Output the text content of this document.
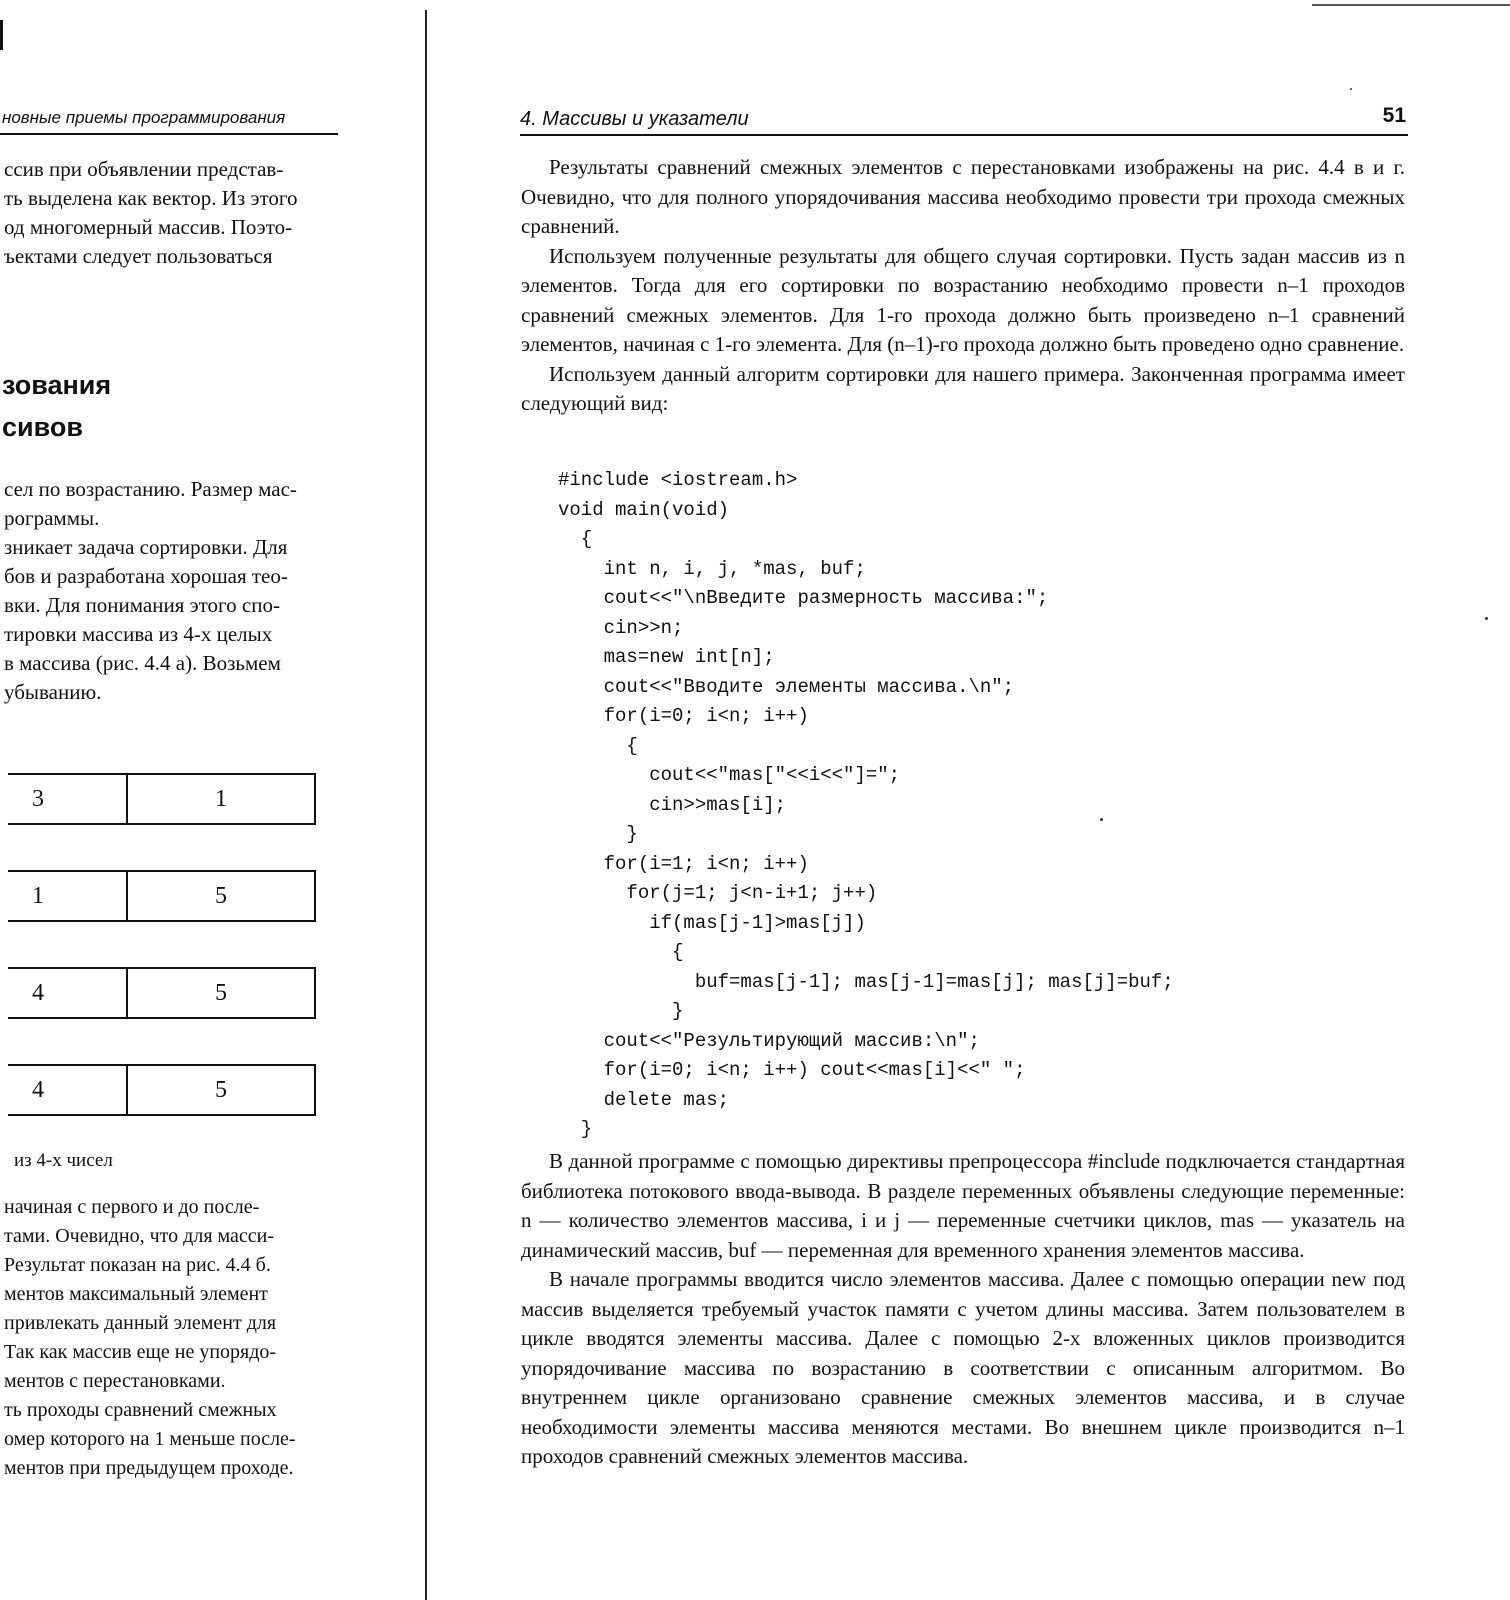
новные приемы программирования
ссив при объявлении представ-
ть выделена как вектор. Из этого
од многомерный массив. Поэто-
ъектами следует пользоваться
зования
сивов
сел по возрастанию. Размер мас-
рограммы.
зникает задача сортировки. Для
бов и разработана хорошая тео-
вки. Для понимания этого спо-
тировки массива из 4-х целых
в массива (рис. 4.4 а). Возьмем
убыванию.
3	1
1	5
4	5
4	5
из 4-х чисел
начиная с первого и до после-
тами. Очевидно, что для масси-
Результат показан на рис. 4.4 б.
ментов максимальный элемент
привлекать данный элемент для
Так как массив еще не упорядо-
ментов с перестановками.
ть проходы сравнений смежных
омер которого на 1 меньше после-
ментов при предыдущем проходе.
4. Массивы и указатели	51

Результаты сравнений смежных элементов с перестановками изображены на рис. 4.4 в и г. Очевидно, что для полного упорядочивания массива необходимо провести три прохода смежных сравнений.

Используем полученные результаты для общего случая сортировки. Пусть задан массив из n элементов. Тогда для его сортировки по возрастанию необходимо провести n–1 проходов сравнений смежных элементов. Для 1-го прохода должно быть произведено n–1 сравнений элементов, начиная с 1-го элемента. Для (n–1)-го прохода должно быть проведено одно сравнение.

Используем данный алгоритм сортировки для нашего примера. Законченная программа имеет следующий вид:

#include <iostream.h>
void main(void)
{
int n, i, j, *mas, buf;
cout<<"\nВведите размерность массива:";
cin>>n;
mas=new int[n];
cout<<"Вводите элементы массива.\n";
for(i=0; i<n; i++)
{
cout<<"mas["<<i<<"]=";
cin>>mas[i];
}
for(i=1; i<n; i++)
for(j=1; j<n-i+1; j++)
if(mas[j-1]>mas[j])
{
buf=mas[j-1]; mas[j-1]=mas[j]; mas[j]=buf;
}
cout<<"Результирующий массив:\n";
for(i=0; i<n; i++) cout<<mas[i]<<" ";
delete mas;
}

В данной программе с помощью директивы препроцессора #include подключается стандартная библиотека потокового ввода-вывода. В разделе переменных объявлены следующие переменные: n — количество элементов массива, i и j — переменные счетчики циклов, mas — указатель на динамический массив, buf — переменная для временного хранения элементов массива.

В начале программы вводится число элементов массива. Далее с помощью операции new под массив выделяется требуемый участок памяти с учетом длины массива. Затем пользователем в цикле вводятся элементы массива. Далее с помощью 2-х вложенных циклов производится упорядочивание массива по возрастанию в соответствии с описанным алгоритмом. Во внутреннем цикле организовано сравнение смежных элементов массива, и в случае необходимости элементы массива меняются местами. Во внешнем цикле производится n–1 проходов сравнений смежных элементов массива.
